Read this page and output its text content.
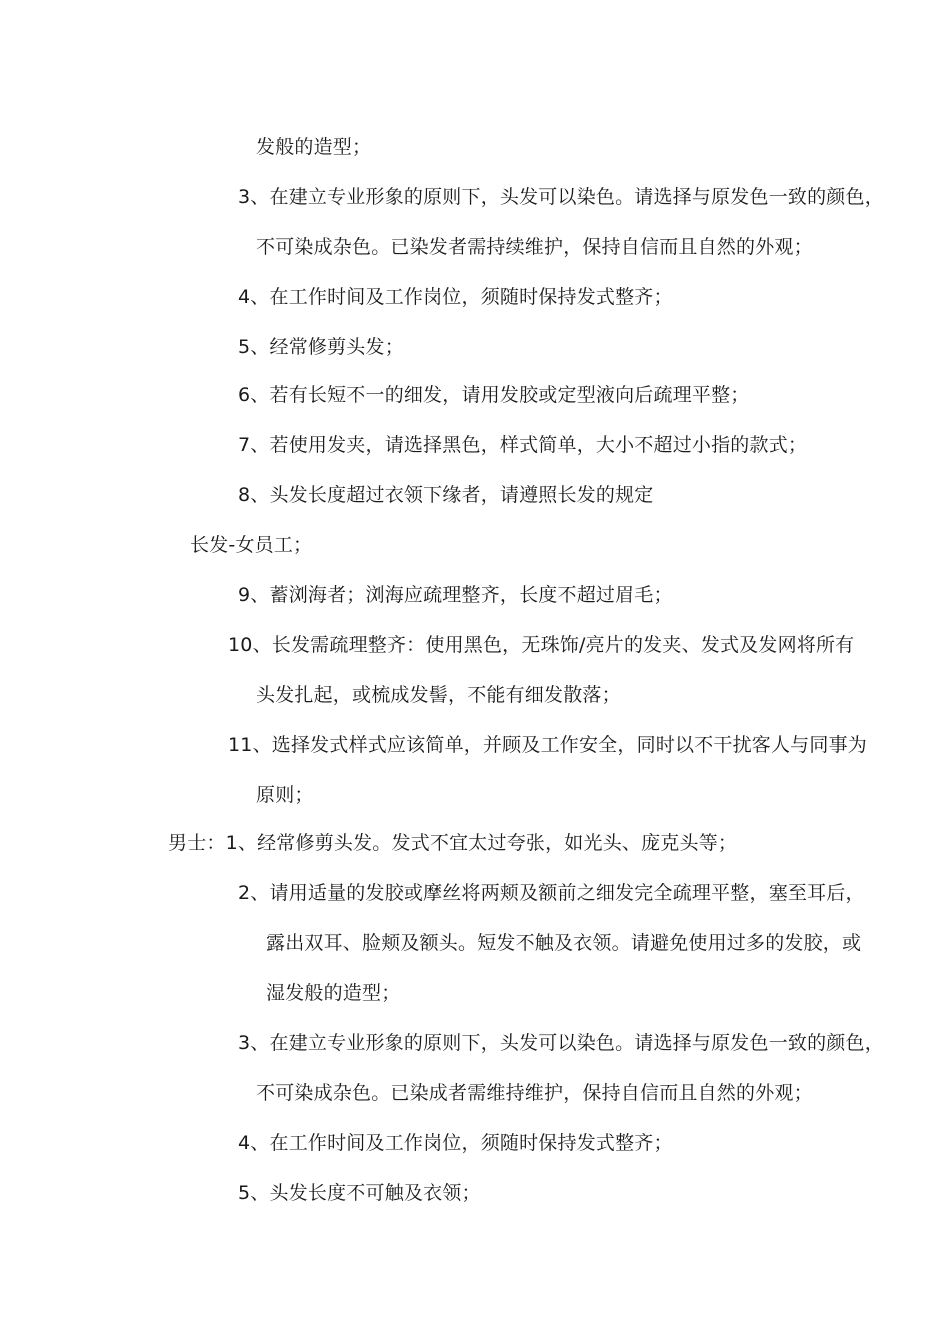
发般的造型；
3、在建立专业形象的原则下，头发可以染色。请选择与原发色一致的颜色，
不可染成杂色。已染发者需持续维护，保持自信而且自然的外观；
4、在工作时间及工作岗位，须随时保持发式整齐；
5、经常修剪头发；
6、若有长短不一的细发，请用发胶或定型液向后疏理平整；
7、若使用发夹，请选择黑色，样式简单，大小不超过小指的款式；
8、头发长度超过衣领下缘者，请遵照长发的规定
长发-女员工；
9、蓄浏海者；浏海应疏理整齐，长度不超过眉毛；
10、长发需疏理整齐：使用黑色，无珠饰/亮片的发夹、发式及发网将所有
头发扎起，或梳成发髻，不能有细发散落；
11、选择发式样式应该简单，并顾及工作安全，同时以不干扰客人与同事为
原则；
男士：1、经常修剪头发。发式不宜太过夸张，如光头、庞克头等；
2、请用适量的发胶或摩丝将两颊及额前之细发完全疏理平整，塞至耳后，
露出双耳、脸颊及额头。短发不触及衣领。请避免使用过多的发胶，或
湿发般的造型；
3、在建立专业形象的原则下，头发可以染色。请选择与原发色一致的颜色，
不可染成杂色。已染成者需维持维护，保持自信而且自然的外观；
4、在工作时间及工作岗位，须随时保持发式整齐；
5、头发长度不可触及衣领；
